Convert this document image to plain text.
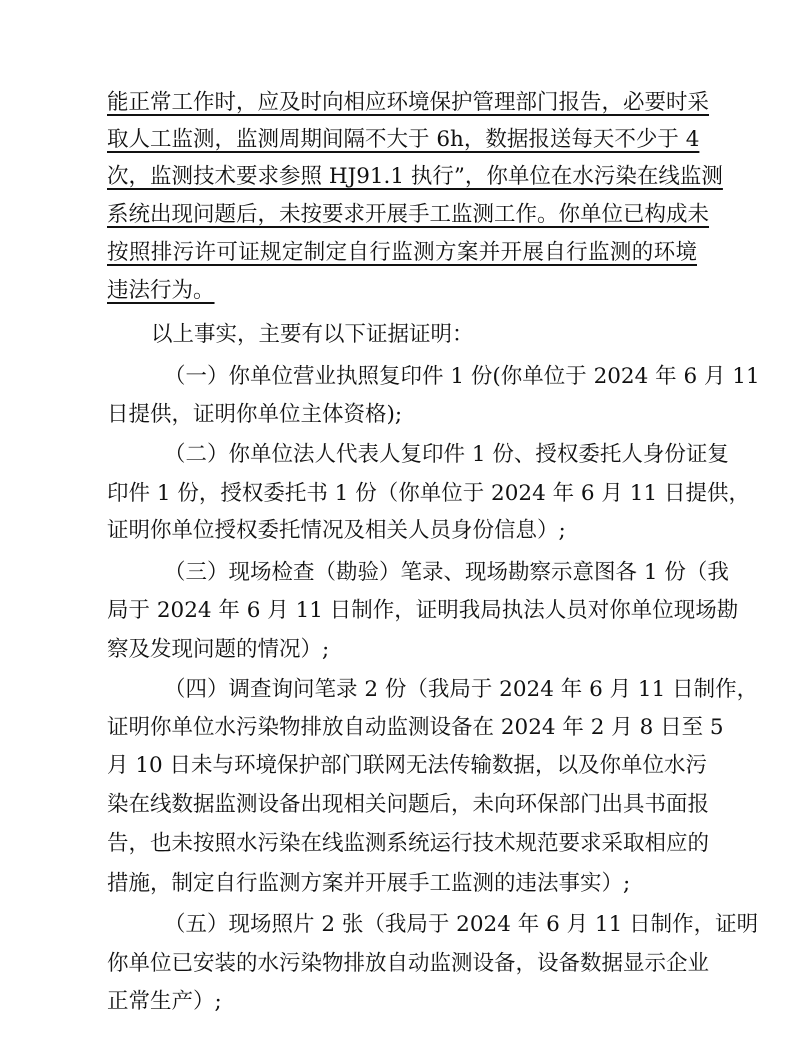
能正常工作时，应及时向相应环境保护管理部门报告，必要时采

取人工监测，监测周期间隔不大于 6h，数据报送每天不少于 4

次，监测技术要求参照 HJ91.1 执行”，你单位在水污染在线监测

系统出现问题后，未按要求开展手工监测工作。你单位已构成未

按照排污许可证规定制定自行监测方案并开展自行监测的环境

违法行为。

以上事实，主要有以下证据证明：

（一）你单位营业执照复印件 1 份(你单位于 2024 年 6 月 11

日提供，证明你单位主体资格);

（二）你单位法人代表人复印件 1 份、授权委托人身份证复

印件 1 份，授权委托书 1 份（你单位于 2024 年 6 月 11 日提供，

证明你单位授权委托情况及相关人员身份信息）;

（三）现场检查（勘验）笔录、现场勘察示意图各 1 份（我

局于 2024 年 6 月 11 日制作，证明我局执法人员对你单位现场勘

察及发现问题的情况）;

（四）调查询问笔录 2 份（我局于 2024 年 6 月 11 日制作，

证明你单位水污染物排放自动监测设备在 2024 年 2 月 8 日至 5

月 10 日未与环境保护部门联网无法传输数据，以及你单位水污

染在线数据监测设备出现相关问题后，未向环保部门出具书面报

告，也未按照水污染在线监测系统运行技术规范要求采取相应的

措施，制定自行监测方案并开展手工监测的违法事实）;

（五）现场照片 2 张（我局于 2024 年 6 月 11 日制作，证明

你单位已安装的水污染物排放自动监测设备，设备数据显示企业

正常生产）;
